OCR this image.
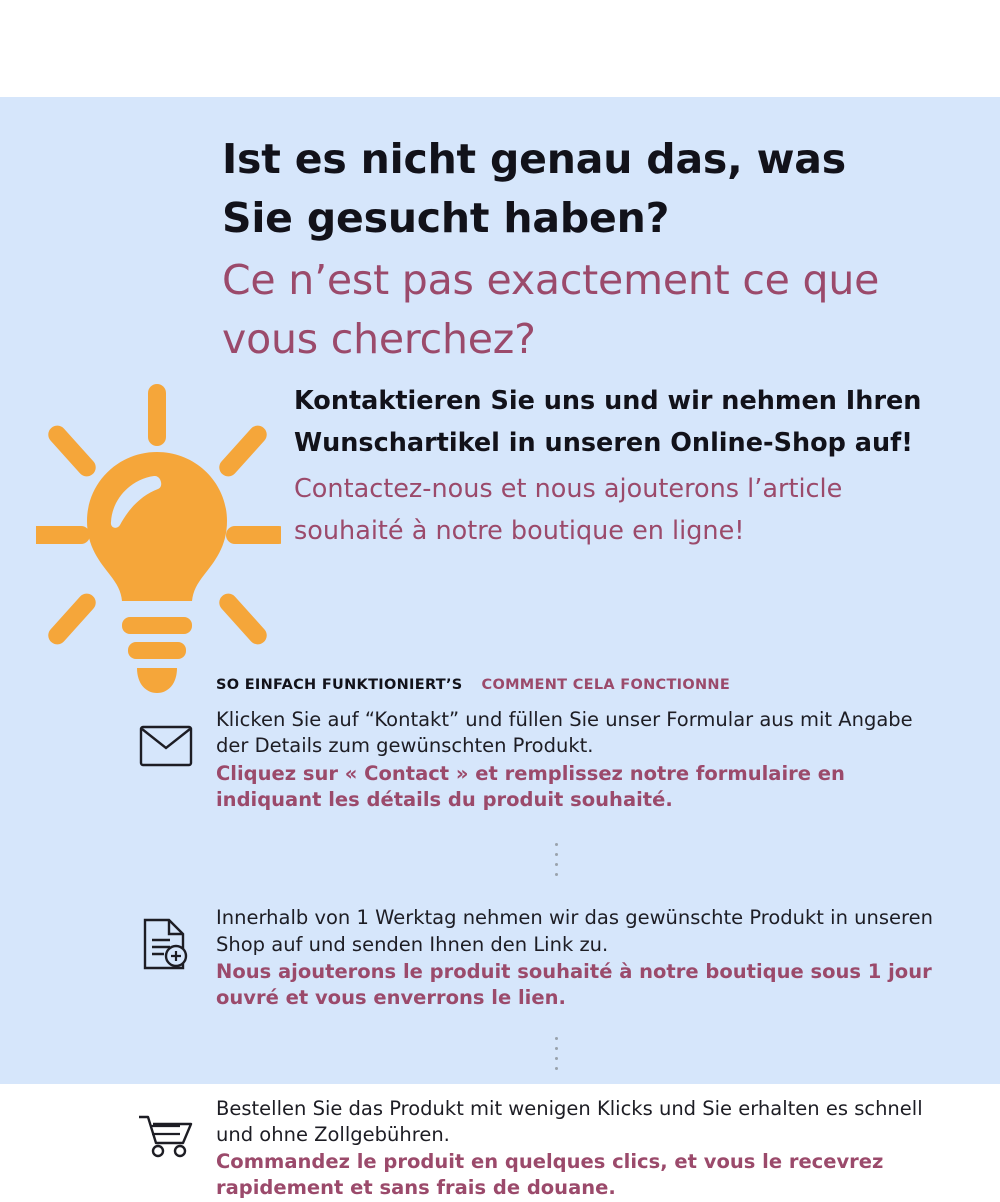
Ist es nicht genau das, was Sie gesucht haben?
Ce n’est pas exactement ce que vous cherchez?
Kontaktieren Sie uns und wir nehmen Ihren Wunschartikel in unseren Online-Shop auf!
Contactez-nous et nous ajouterons l’article souhaité à notre boutique en ligne!
SO EINFACH FUNKTIONIERT’S COMMENT CELA FONCTIONNE
Klicken Sie auf “Kontakt” und füllen Sie unser Formular aus mit Angabe der Details zum gewünschten Produkt.
Cliquez sur « Contact » et remplissez notre formulaire en indiquant les détails du produit souhaité.
Innerhalb von 1 Werktag nehmen wir das gewünschte Produkt in unseren Shop auf und senden Ihnen den Link zu.
Nous ajouterons le produit souhaité à notre boutique sous 1 jour ouvré et vous enverrons le lien.
Bestellen Sie das Produkt mit wenigen Klicks und Sie erhalten es schnell und ohne Zollgebühren.
Commandez le produit en quelques clics, et vous le recevrez rapidement et sans frais de douane.
